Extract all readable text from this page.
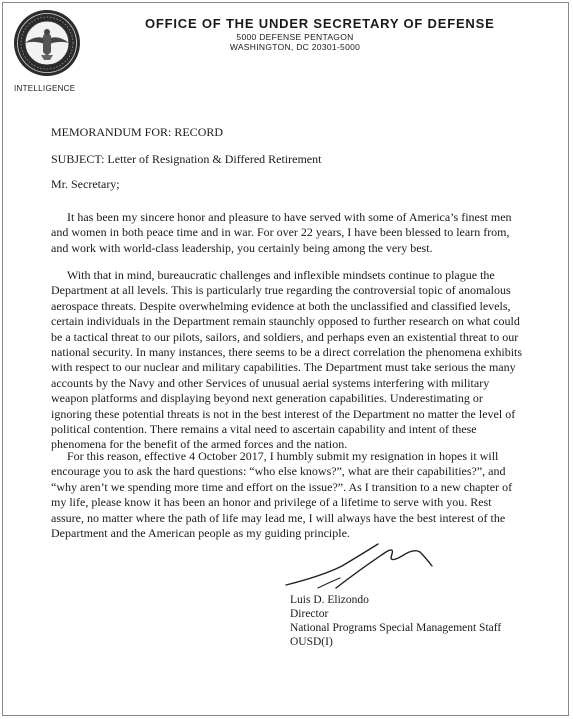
INTELLIGENCE
OFFICE OF THE UNDER SECRETARY OF DEFENSE
5000 DEFENSE PENTAGON
WASHINGTON, DC 20301-5000
MEMORANDUM FOR: RECORD
SUBJECT: Letter of Resignation & Differed Retirement
Mr. Secretary;
It has been my sincere honor and pleasure to have served with some of America’s finest men
and women in both peace time and in war. For over 22 years, I have been blessed to learn from,
and work with world-class leadership, you certainly being among the very best.
With that in mind, bureaucratic challenges and inflexible mindsets continue to plague the
Department at all levels. This is particularly true regarding the controversial topic of anomalous
aerospace threats. Despite overwhelming evidence at both the unclassified and classified levels,
certain individuals in the Department remain staunchly opposed to further research on what could
be a tactical threat to our pilots, sailors, and soldiers, and perhaps even an existential threat to our
national security. In many instances, there seems to be a direct correlation the phenomena exhibits
with respect to our nuclear and military capabilities. The Department must take serious the many
accounts by the Navy and other Services of unusual aerial systems interfering with military
weapon platforms and displaying beyond next generation capabilities. Underestimating or
ignoring these potential threats is not in the best interest of the Department no matter the level of
political contention. There remains a vital need to ascertain capability and intent of these
phenomena for the benefit of the armed forces and the nation.
For this reason, effective 4 October 2017, I humbly submit my resignation in hopes it will
encourage you to ask the hard questions: “who else knows?”, what are their capabilities?”, and
“why aren’t we spending more time and effort on the issue?”. As I transition to a new chapter of
my life, please know it has been an honor and privilege of a lifetime to serve with you. Rest
assure, no matter where the path of life may lead me, I will always have the best interest of the
Department and the American people as my guiding principle.
Luis D. Elizondo
Director
National Programs Special Management Staff
OUSD(I)
